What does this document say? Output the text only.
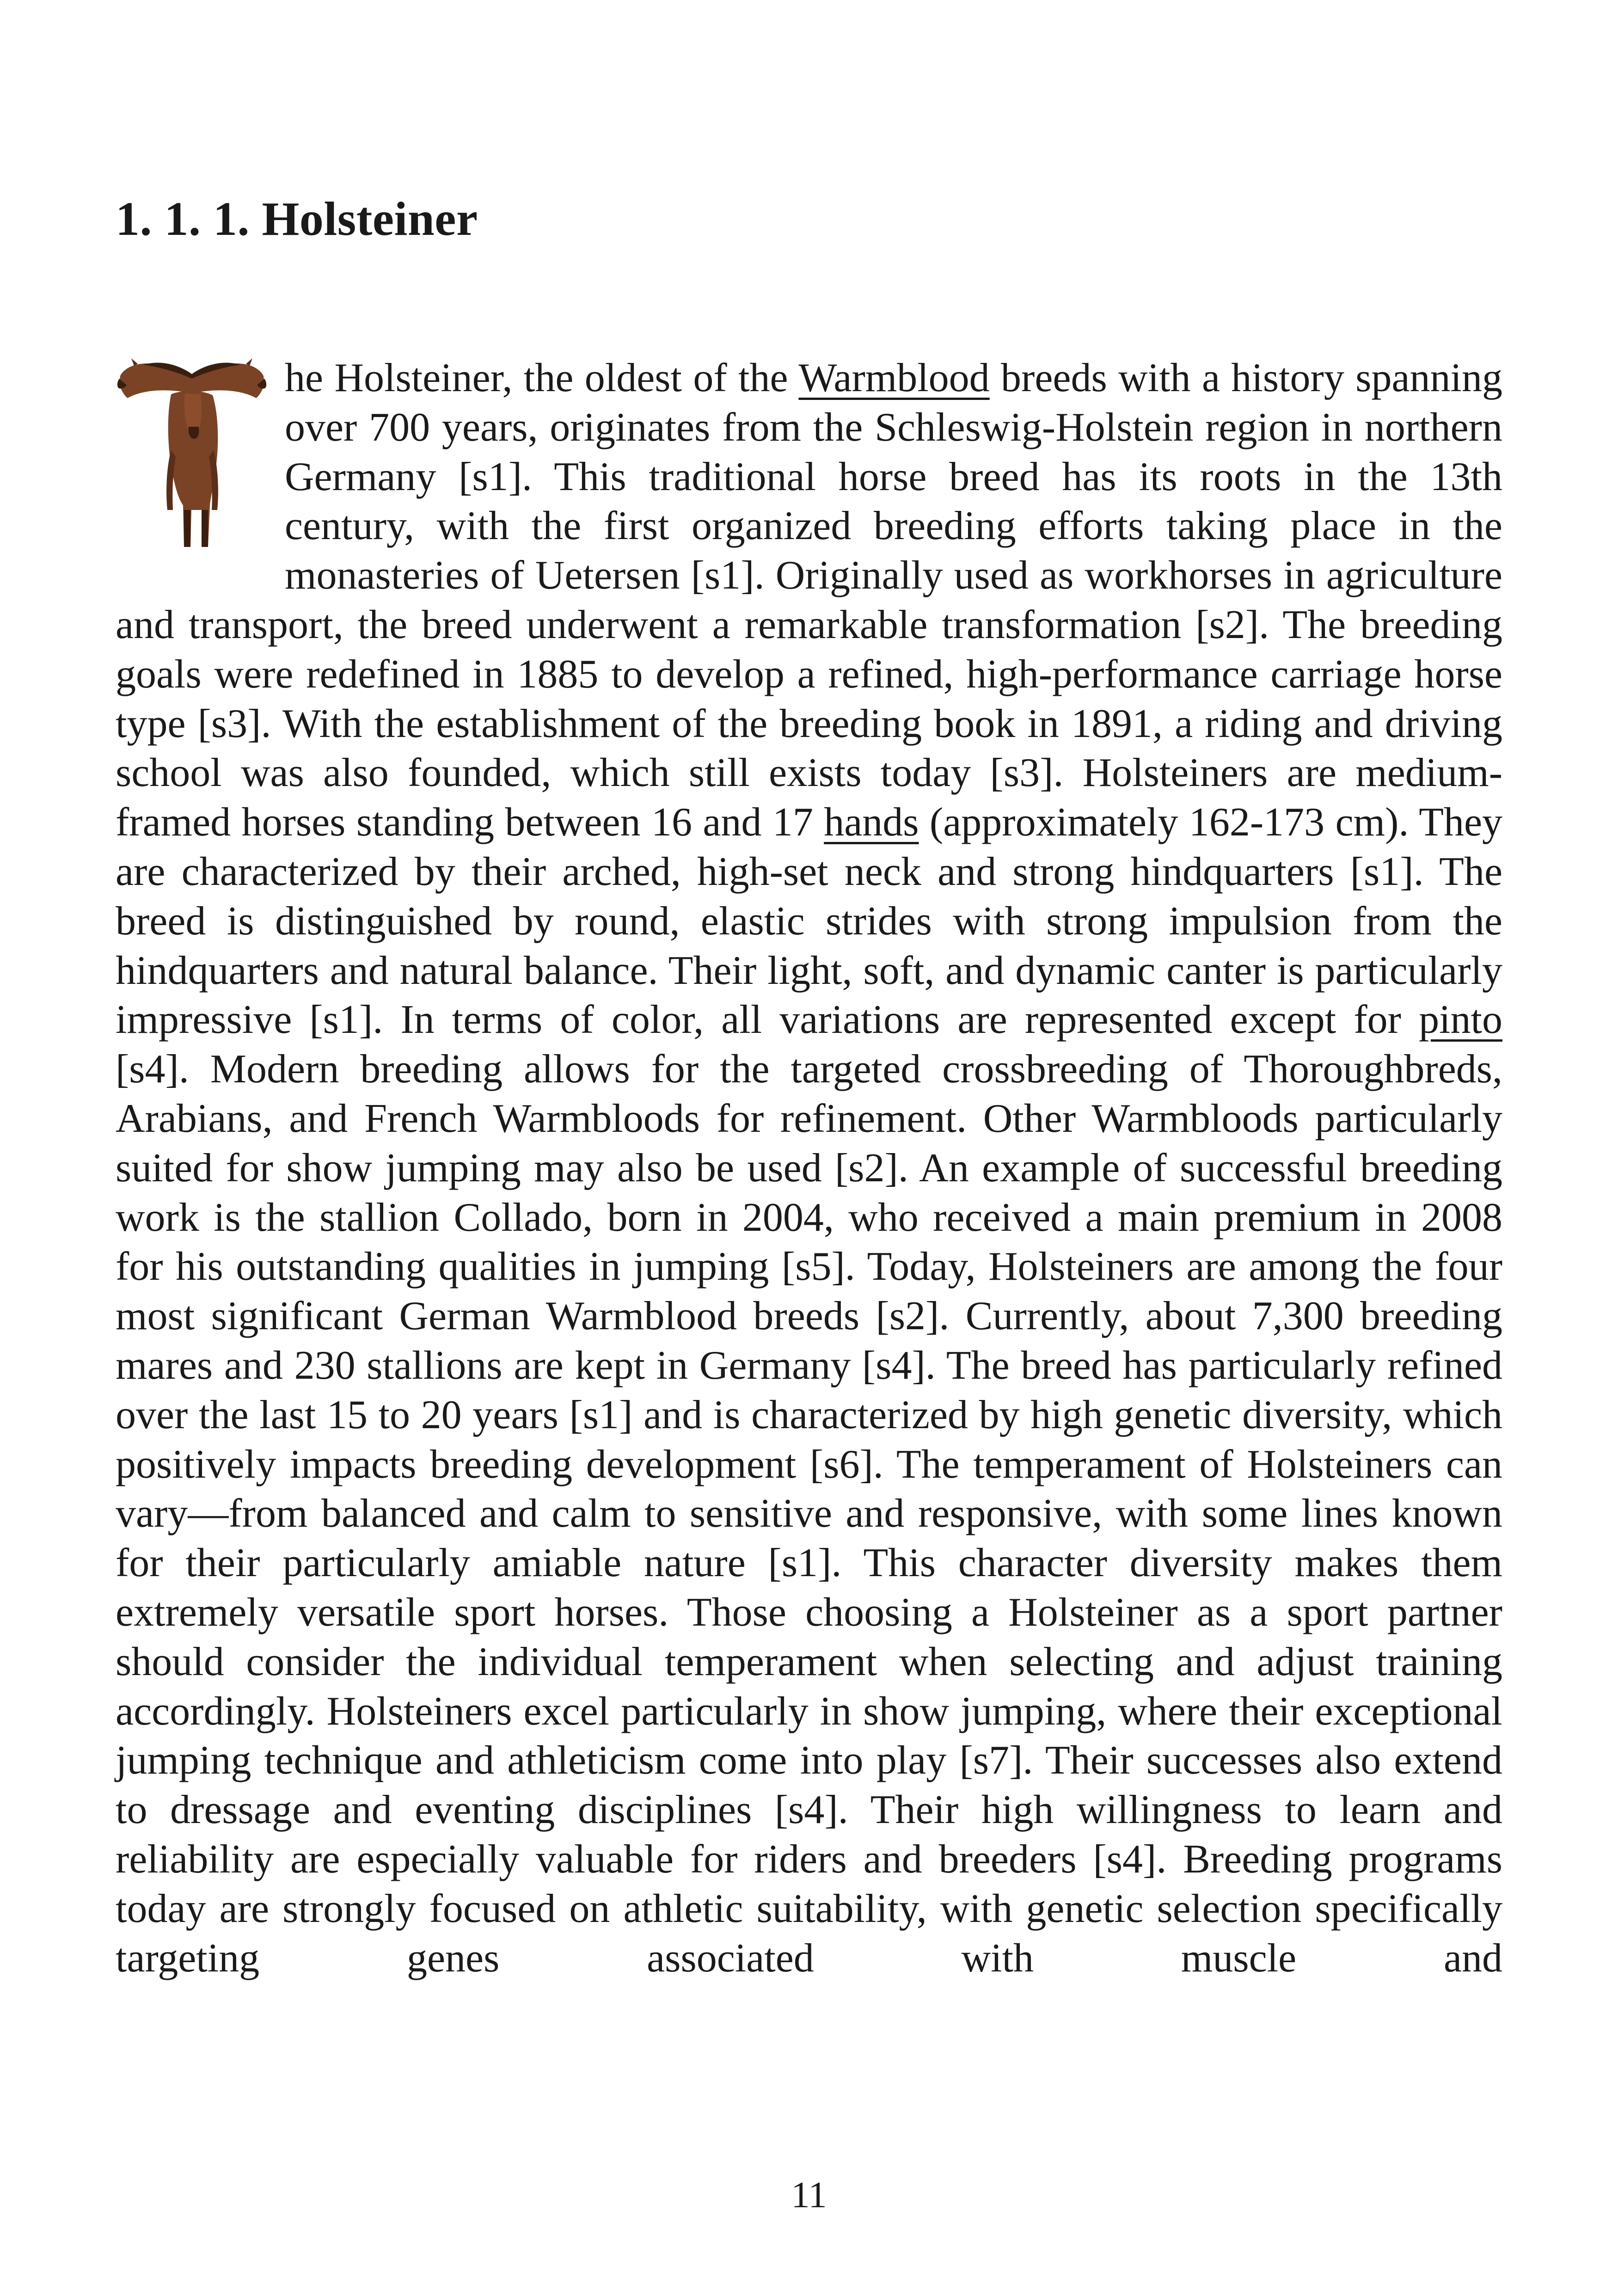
1. 1. 1. Holsteiner

he Holsteiner, the oldest of the Warmblood breeds with a history spanning over 700 years, originates from the Schleswig-Holstein region in northern Germany [s1]. This traditional horse breed has its roots in the 13th century, with the first organized breeding efforts taking place in the monasteries of Uetersen [s1]. Originally used as workhorses in agriculture and transport, the breed underwent a remarkable transformation [s2]. The breeding goals were redefined in 1885 to develop a refined, high-performance carriage horse type [s3]. With the establishment of the breeding book in 1891, a riding and driving school was also founded, which still exists today [s3]. Holsteiners are medium-framed horses standing between 16 and 17 hands (approximately 162-173 cm). They are characterized by their arched, high-set neck and strong hindquarters [s1]. The breed is distinguished by round, elastic strides with strong impulsion from the hindquarters and natural balance. Their light, soft, and dynamic canter is particularly impressive [s1]. In terms of color, all variations are represented except for pinto [s4]. Modern breeding allows for the targeted crossbreeding of Thoroughbreds, Arabians, and French Warmbloods for refinement. Other Warmbloods particularly suited for show jumping may also be used [s2]. An example of successful breeding work is the stallion Collado, born in 2004, who received a main premium in 2008 for his outstanding qualities in jumping [s5]. Today, Holsteiners are among the four most significant German Warmblood breeds [s2]. Currently, about 7,300 breeding mares and 230 stallions are kept in Germany [s4]. The breed has particularly refined over the last 15 to 20 years [s1] and is characterized by high genetic diversity, which positively impacts breeding development [s6]. The temperament of Holsteiners can vary—from balanced and calm to sensitive and responsive, with some lines known for their particularly amiable nature [s1]. This character diversity makes them extremely versatile sport horses. Those choosing a Holsteiner as a sport partner should consider the individual temperament when selecting and adjust training accordingly. Holsteiners excel particularly in show jumping, where their exceptional jumping technique and athleticism come into play [s7]. Their successes also extend to dressage and eventing disciplines [s4]. Their high willingness to learn and reliability are especially valuable for riders and breeders [s4]. Breeding programs today are strongly focused on athletic suitability, with genetic selection specifically targeting genes associated with muscle and

11
